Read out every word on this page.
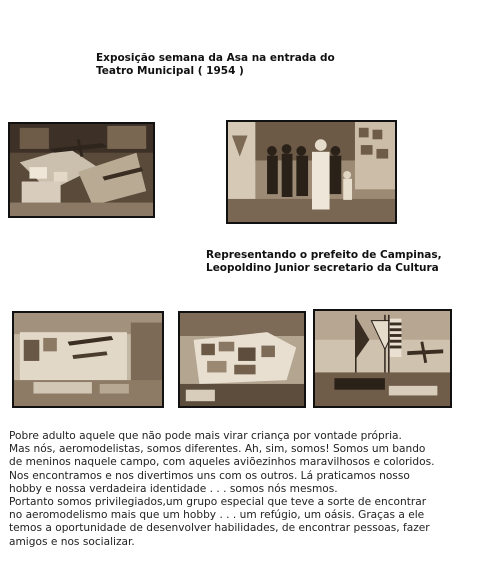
Exposição semana da Asa na entrada do
Teatro Municipal ( 1954 )
Representando o prefeito de Campinas,
Leopoldino Junior secretario da Cultura
Pobre adulto aquele que não pode mais virar criança por vontade própria.
Mas nós, aeromodelistas, somos diferentes. Ah, sim, somos! Somos um bando
de meninos naquele campo, com aqueles aviõezinhos maravilhosos e coloridos.
Nos encontramos e nos divertimos uns com os outros. Lá praticamos nosso
hobby e nossa verdadeira identidade . . . somos nós mesmos.
Portanto somos privilegiados,um grupo especial que teve a sorte de encontrar
no aeromodelismo mais que um hobby . . . um refúgio, um oásis. Graças a ele
temos a oportunidade de desenvolver habilidades, de encontrar pessoas, fazer
amigos e nos socializar.
